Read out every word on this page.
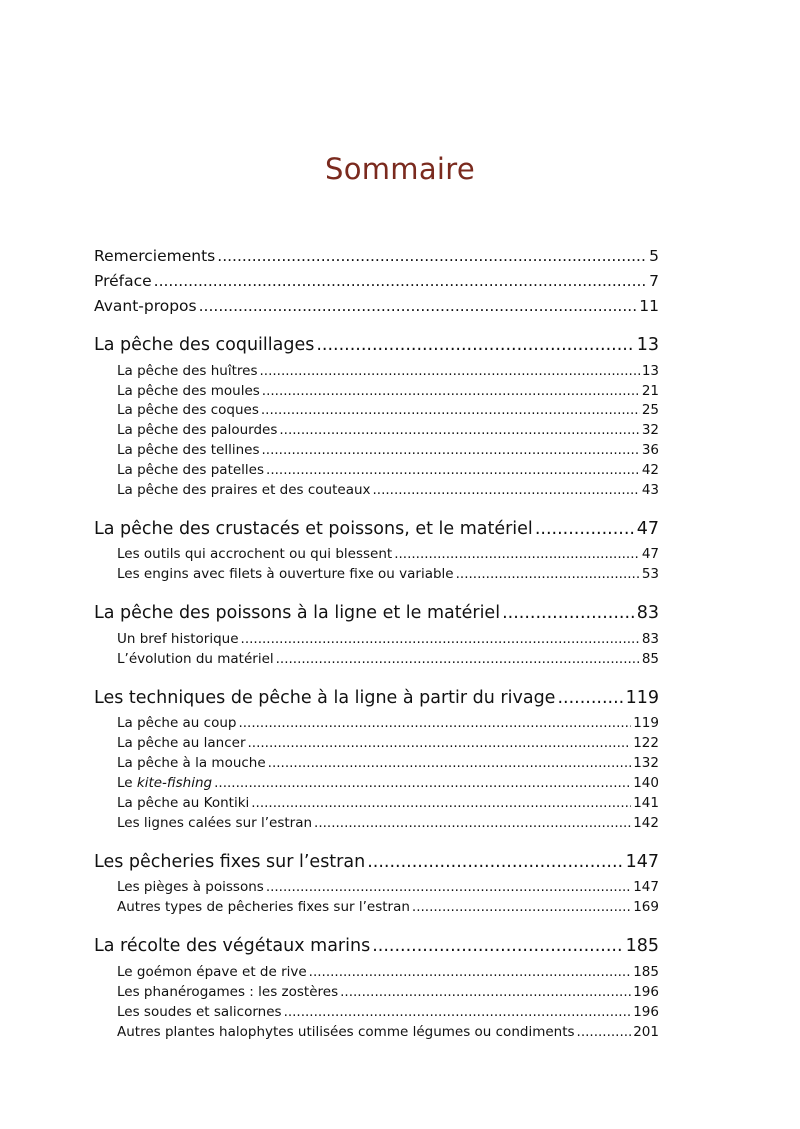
Sommaire
Remerciements .....	5
Préface .....	7
Avant-propos .....	11
La pêche des coquillages .....	13
La pêche des huîtres .....	13
La pêche des moules .....	21
La pêche des coques .....	25
La pêche des palourdes .....	32
La pêche des tellines .....	36
La pêche des patelles .....	42
La pêche des praires et des couteaux .....	43
La pêche des crustacés et poissons, et le matériel .....	47
Les outils qui accrochent ou qui blessent .....	47
Les engins avec filets à ouverture fixe ou variable .....	53
La pêche des poissons à la ligne et le matériel .....	83
Un bref historique .....	83
L’évolution du matériel .....	85
Les techniques de pêche à la ligne à partir du rivage .....	119
La pêche au coup .....	119
La pêche au lancer .....	122
La pêche à la mouche .....	132
Le kite-fishing .....	140
La pêche au Kontiki .....	141
Les lignes calées sur l’estran .....	142
Les pêcheries fixes sur l’estran .....	147
Les pièges à poissons .....	147
Autres types de pêcheries fixes sur l’estran .....	169
La récolte des végétaux marins .....	185
Le goémon épave et de rive .....	185
Les phanérogames : les zostères .....	196
Les soudes et salicornes .....	196
Autres plantes halophytes utilisées comme légumes ou condiments .....	201
